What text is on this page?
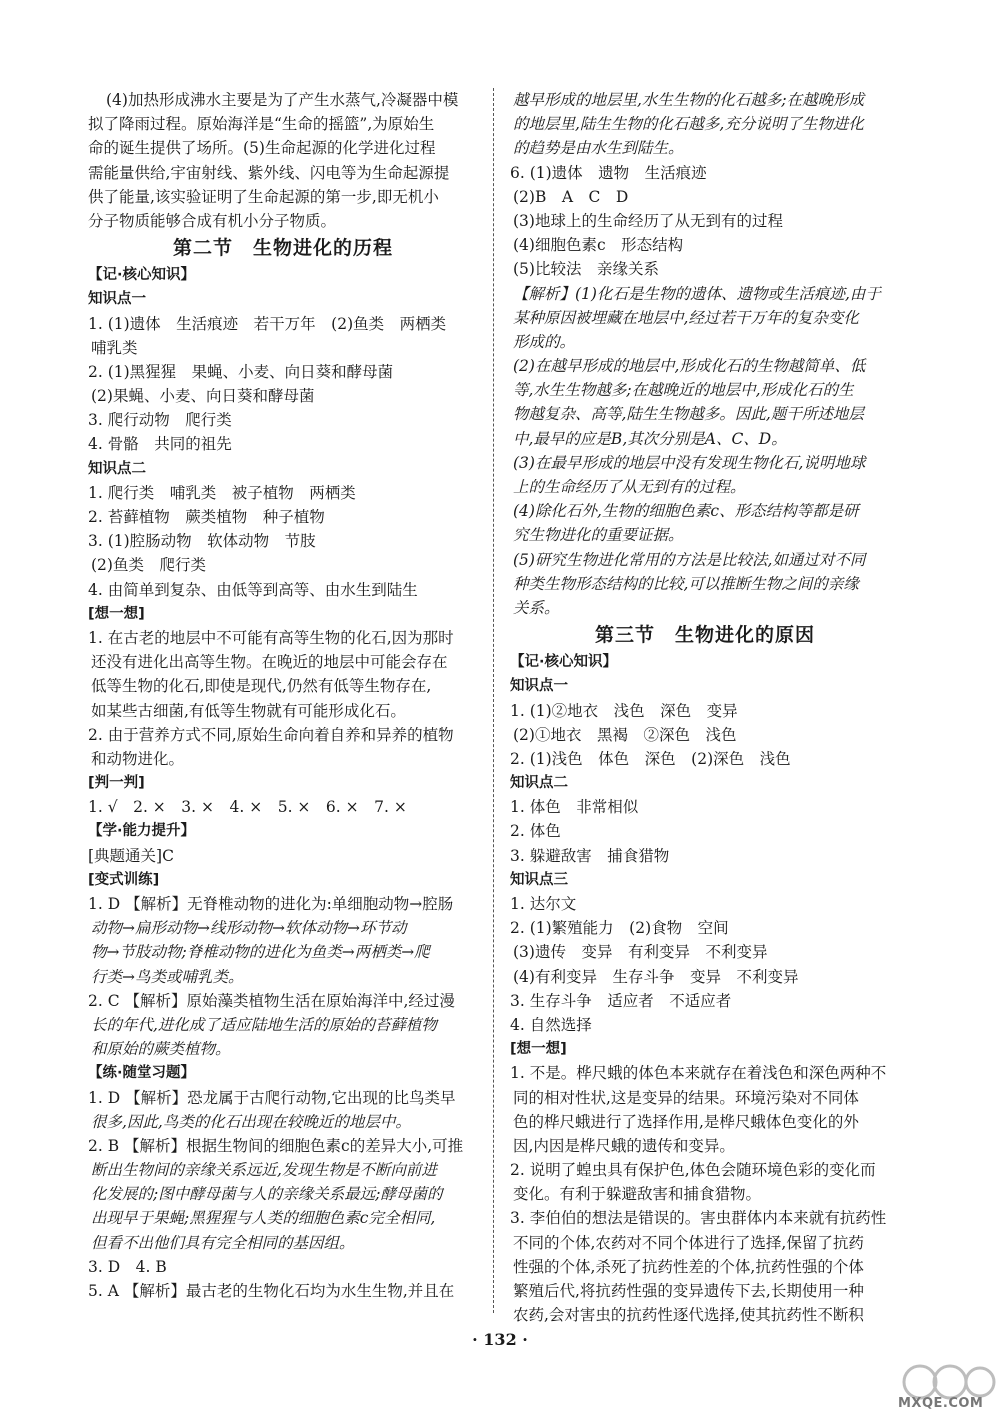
(4)加热形成沸水主要是为了产生水蒸气,冷凝器中模
拟了降雨过程。原始海洋是“生命的摇篮”,为原始生
命的诞生提供了场所。(5)生命起源的化学进化过程
需能量供给,宇宙射线、紫外线、闪电等为生命起源提
供了能量,该实验证明了生命起源的第一步,即无机小
分子物质能够合成有机小分子物质。
第二节　生物进化的历程
【记·核心知识】
知识点一
1. (1)遗体　生活痕迹　若干万年　(2)鱼类　两栖类
哺乳类
2. (1)黑猩猩　果蝇、小麦、向日葵和酵母菌
(2)果蝇、小麦、向日葵和酵母菌
3. 爬行动物　爬行类
4. 骨骼　共同的祖先
知识点二
1. 爬行类　哺乳类　被子植物　两栖类
2. 苔藓植物　蕨类植物　种子植物
3. (1)腔肠动物　软体动物　节肢
(2)鱼类　爬行类
4. 由简单到复杂、由低等到高等、由水生到陆生
[想一想]
1. 在古老的地层中不可能有高等生物的化石,因为那时
还没有进化出高等生物。在晚近的地层中可能会存在
低等生物的化石,即使是现代,仍然有低等生物存在,
如某些古细菌,有低等生物就有可能形成化石。
2. 由于营养方式不同,原始生命向着自养和异养的植物
和动物进化。
[判一判]
1. √　2. ×　3. ×　4. ×　5. ×　6. ×　7. ×
【学·能力提升】
[典题通关]C
[变式训练]
1. D 【解析】无脊椎动物的进化为:单细胞动物→腔肠
动物→扁形动物→线形动物→软体动物→环节动
物→节肢动物;脊椎动物的进化为鱼类→两栖类→爬
行类→鸟类或哺乳类。
2. C 【解析】原始藻类植物生活在原始海洋中,经过漫
长的年代,进化成了适应陆地生活的原始的苔藓植物
和原始的蕨类植物。
【练·随堂习题】
1. D 【解析】恐龙属于古爬行动物,它出现的比鸟类早
很多,因此,鸟类的化石出现在较晚近的地层中。
2. B 【解析】根据生物间的细胞色素c的差异大小,可推
断出生物间的亲缘关系远近,发现生物是不断向前进
化发展的;图中酵母菌与人的亲缘关系最远;酵母菌的
出现早于果蝇;黑猩猩与人类的细胞色素c完全相同,
但看不出他们具有完全相同的基因组。
3. D　4. B
5. A 【解析】最古老的生物化石均为水生生物,并且在
越早形成的地层里,水生生物的化石越多;在越晚形成
的地层里,陆生生物的化石越多,充分说明了生物进化
的趋势是由水生到陆生。
6. (1)遗体　遗物　生活痕迹
(2)B　A　C　D
(3)地球上的生命经历了从无到有的过程
(4)细胞色素c　形态结构
(5)比较法　亲缘关系
【解析】(1)化石是生物的遗体、遗物或生活痕迹,由于
某种原因被埋藏在地层中,经过若干万年的复杂变化
形成的。
(2)在越早形成的地层中,形成化石的生物越简单、低
等,水生生物越多;在越晚近的地层中,形成化石的生
物越复杂、高等,陆生生物越多。因此,题干所述地层
中,最早的应是B,其次分别是A、C、D。
(3)在最早形成的地层中没有发现生物化石,说明地球
上的生命经历了从无到有的过程。
(4)除化石外,生物的细胞色素c、形态结构等都是研
究生物进化的重要证据。
(5)研究生物进化常用的方法是比较法,如通过对不同
种类生物形态结构的比较,可以推断生物之间的亲缘
关系。
第三节　生物进化的原因
【记·核心知识】
知识点一
1. (1)②地衣　浅色　深色　变异
(2)①地衣　黑褐　②深色　浅色
2. (1)浅色　体色　深色　(2)深色　浅色
知识点二
1. 体色　非常相似
2. 体色
3. 躲避敌害　捕食猎物
知识点三
1. 达尔文
2. (1)繁殖能力　(2)食物　空间
(3)遗传　变异　有利变异　不利变异
(4)有利变异　生存斗争　变异　不利变异
3. 生存斗争　适应者　不适应者
4. 自然选择
[想一想]
1. 不是。桦尺蛾的体色本来就存在着浅色和深色两种不
同的相对性状,这是变异的结果。环境污染对不同体
色的桦尺蛾进行了选择作用,是桦尺蛾体色变化的外
因,内因是桦尺蛾的遗传和变异。
2. 说明了蝗虫具有保护色,体色会随环境色彩的变化而
变化。有利于躲避敌害和捕食猎物。
3. 李伯伯的想法是错误的。害虫群体内本来就有抗药性
不同的个体,农药对不同个体进行了选择,保留了抗药
性强的个体,杀死了抗药性差的个体,抗药性强的个体
繁殖后代,将抗药性强的变异遗传下去,长期使用一种
农药,会对害虫的抗药性逐代选择,使其抗药性不断积
· 132 ·
MXQE.COM
